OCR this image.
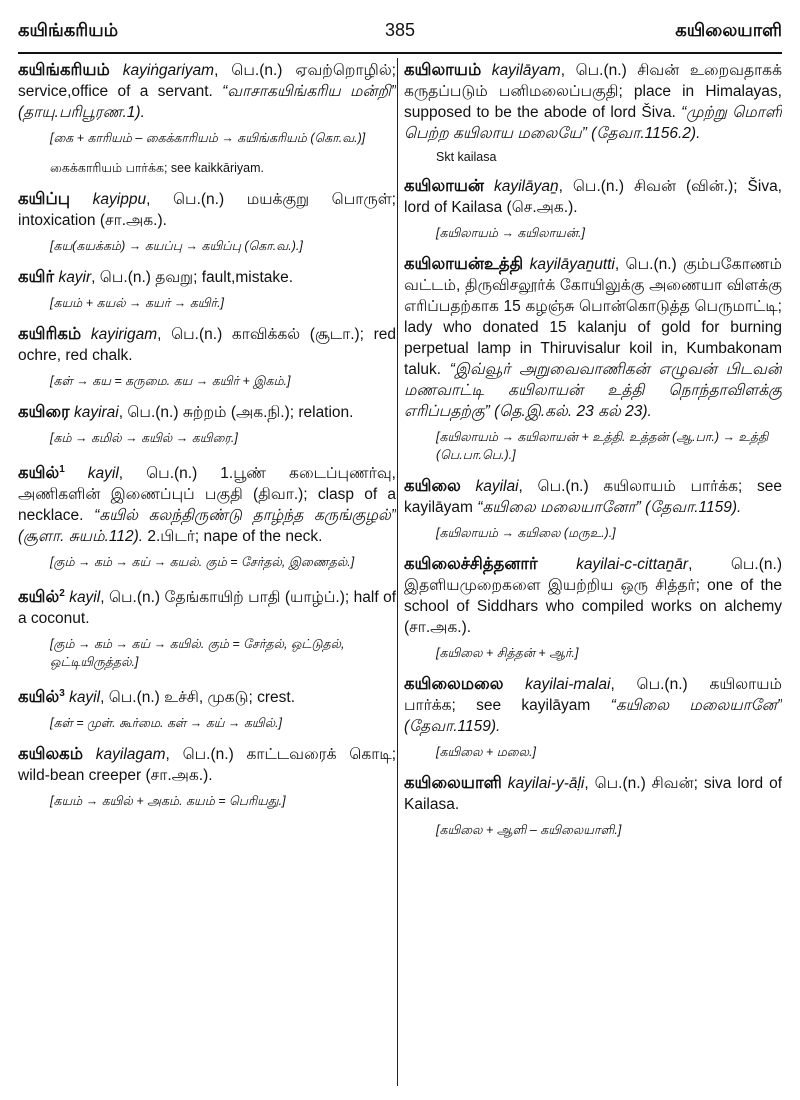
கயிங்கரியம்	385	கயிலையாளி
கயிங்கரியம் kayiṅgariyam, பெ.(n.) ஏவற்றொழில்; service,office of a servant. “வாசாகயிங்கரிய மன்றி” (தாயு.பரிபூரண.1).
[கை + காரியம் – கைக்காரியம் → கயிங்கரியம் (கொ.வ.)]
கைக்காரியம் பார்க்க; see kaikkāriyam.
கயிப்பு kayippu, பெ.(n.) மயக்குறு பொருள்; intoxication (சா.அக.).
[கய(கயக்கம்) → கயப்பு → கயிப்பு (கொ.வ.).]
கயிர் kayir, பெ.(n.) தவறு; fault,mistake.
[கயம் + கயல் → கயர் → கயிர்.]
கயிரிகம் kayirigam, பெ.(n.) காவிக்கல் (சூடா.); red ochre, red chalk.
[கள் → கய = கருமை. கய → கயிர் + இகம்.]
கயிரை kayirai, பெ.(n.) சுற்றம் (அக.நி.); relation.
[கம் → கமில் → கயில் → கயிரை.]
கயில்$^1$ kayil, பெ.(n.) 1.பூண் கடைப்புணர்வு, அணிகளின் இணைப்புப் பகுதி (திவா.); clasp of a necklace. “கயில் கலந்திருண்டு தாழ்ந்த கருங்குழல்” (சூளா. சுயம்.112). 2.பிடர்; nape of the neck.
[கும் → கம் → கய் → கயல். கும் = சேர்தல், இணைதல்.]
கயில்$^2$ kayil, பெ.(n.) தேங்காயிற் பாதி (யாழ்ப்.); half of a coconut.
[கும் → கம் → கய் → கயில். கும் = சேர்தல், ஒட்டுதல், ஒட்டியிருத்தல்.]
கயில்$^3$ kayil, பெ.(n.) உச்சி, முகடு; crest.
[கள் = முள். கூர்மை. கள் → கய் → கயில்.]
கயிலகம் kayilagam, பெ.(n.) காட்டவரைக் கொடி; wild-bean creeper (சா.அக.).
[கயம் → கயில் + அகம். கயம் = பெரியது.]
கயிலாயம் kayilāyam, பெ.(n.) சிவன் உறைவதாகக் கருதப்படும் பனிமலைப்பகுதி; place in Himalayas, supposed to be the abode of lord Šiva. “முற்று மொளி பெற்ற கயிலாய மலையே” (தேவா.1156.2).
Skt kailasa
கயிலாயன் kayilāyaṉ, பெ.(n.) சிவன் (வின்.); Šiva, lord of Kailasa (செ.அக.).
[கயிலாயம் → கயிலாயன்.]
கயிலாயன்உத்தி kayilāyaṉutti, பெ.(n.) கும்பகோணம் வட்டம், திருவிசலூர்க் கோயிலுக்கு அணையா விளக்கு எரிப்பதற்காக 15 கழஞ்சு பொன்கொடுத்த பெருமாட்டி; lady who donated 15 kalanju of gold for burning perpetual lamp in Thiruvisalur koil in, Kumbakonam taluk. “இவ்வூர் அறுவைவாணிகன் எழுவன் பிடவன் மணவாட்டி கயிலாயன் உத்தி நொந்தாவிளக்கு எரிப்பதற்கு” (தெ.இ.கல். 23 கல் 23).
[கயிலாயம் → கயிலாயன் + உத்தி. உத்தன் (ஆ.பா.) → உத்தி (பெ.பா.பெ.).]
கயிலை kayilai, பெ.(n.) கயிலாயம் பார்க்க; see kayilāyam “கயிலை மலையானோ” (தேவா.1159).
[கயிலாயம் → கயிலை (மருஉ.).]
கயிலைச்சித்தனார் kayilai-c-cittaṉār, பெ.(n.) இதளியமுறைகளை இயற்றிய ஒரு சித்தர்; one of the school of Siddhars who compiled works on alchemy (சா.அக.).
[கயிலை + சித்தன் + ஆர்.]
கயிலைமலை kayilai-malai, பெ.(n.) கயிலாயம் பார்க்க; see kayilāyam “கயிலை மலையானே” (தேவா.1159).
[கயிலை + மலை.]
கயிலையாளி kayilai-y-āḷi, பெ.(n.) சிவன்; siva lord of Kailasa.
[கயிலை + ஆளி – கயிலையாளி.]
